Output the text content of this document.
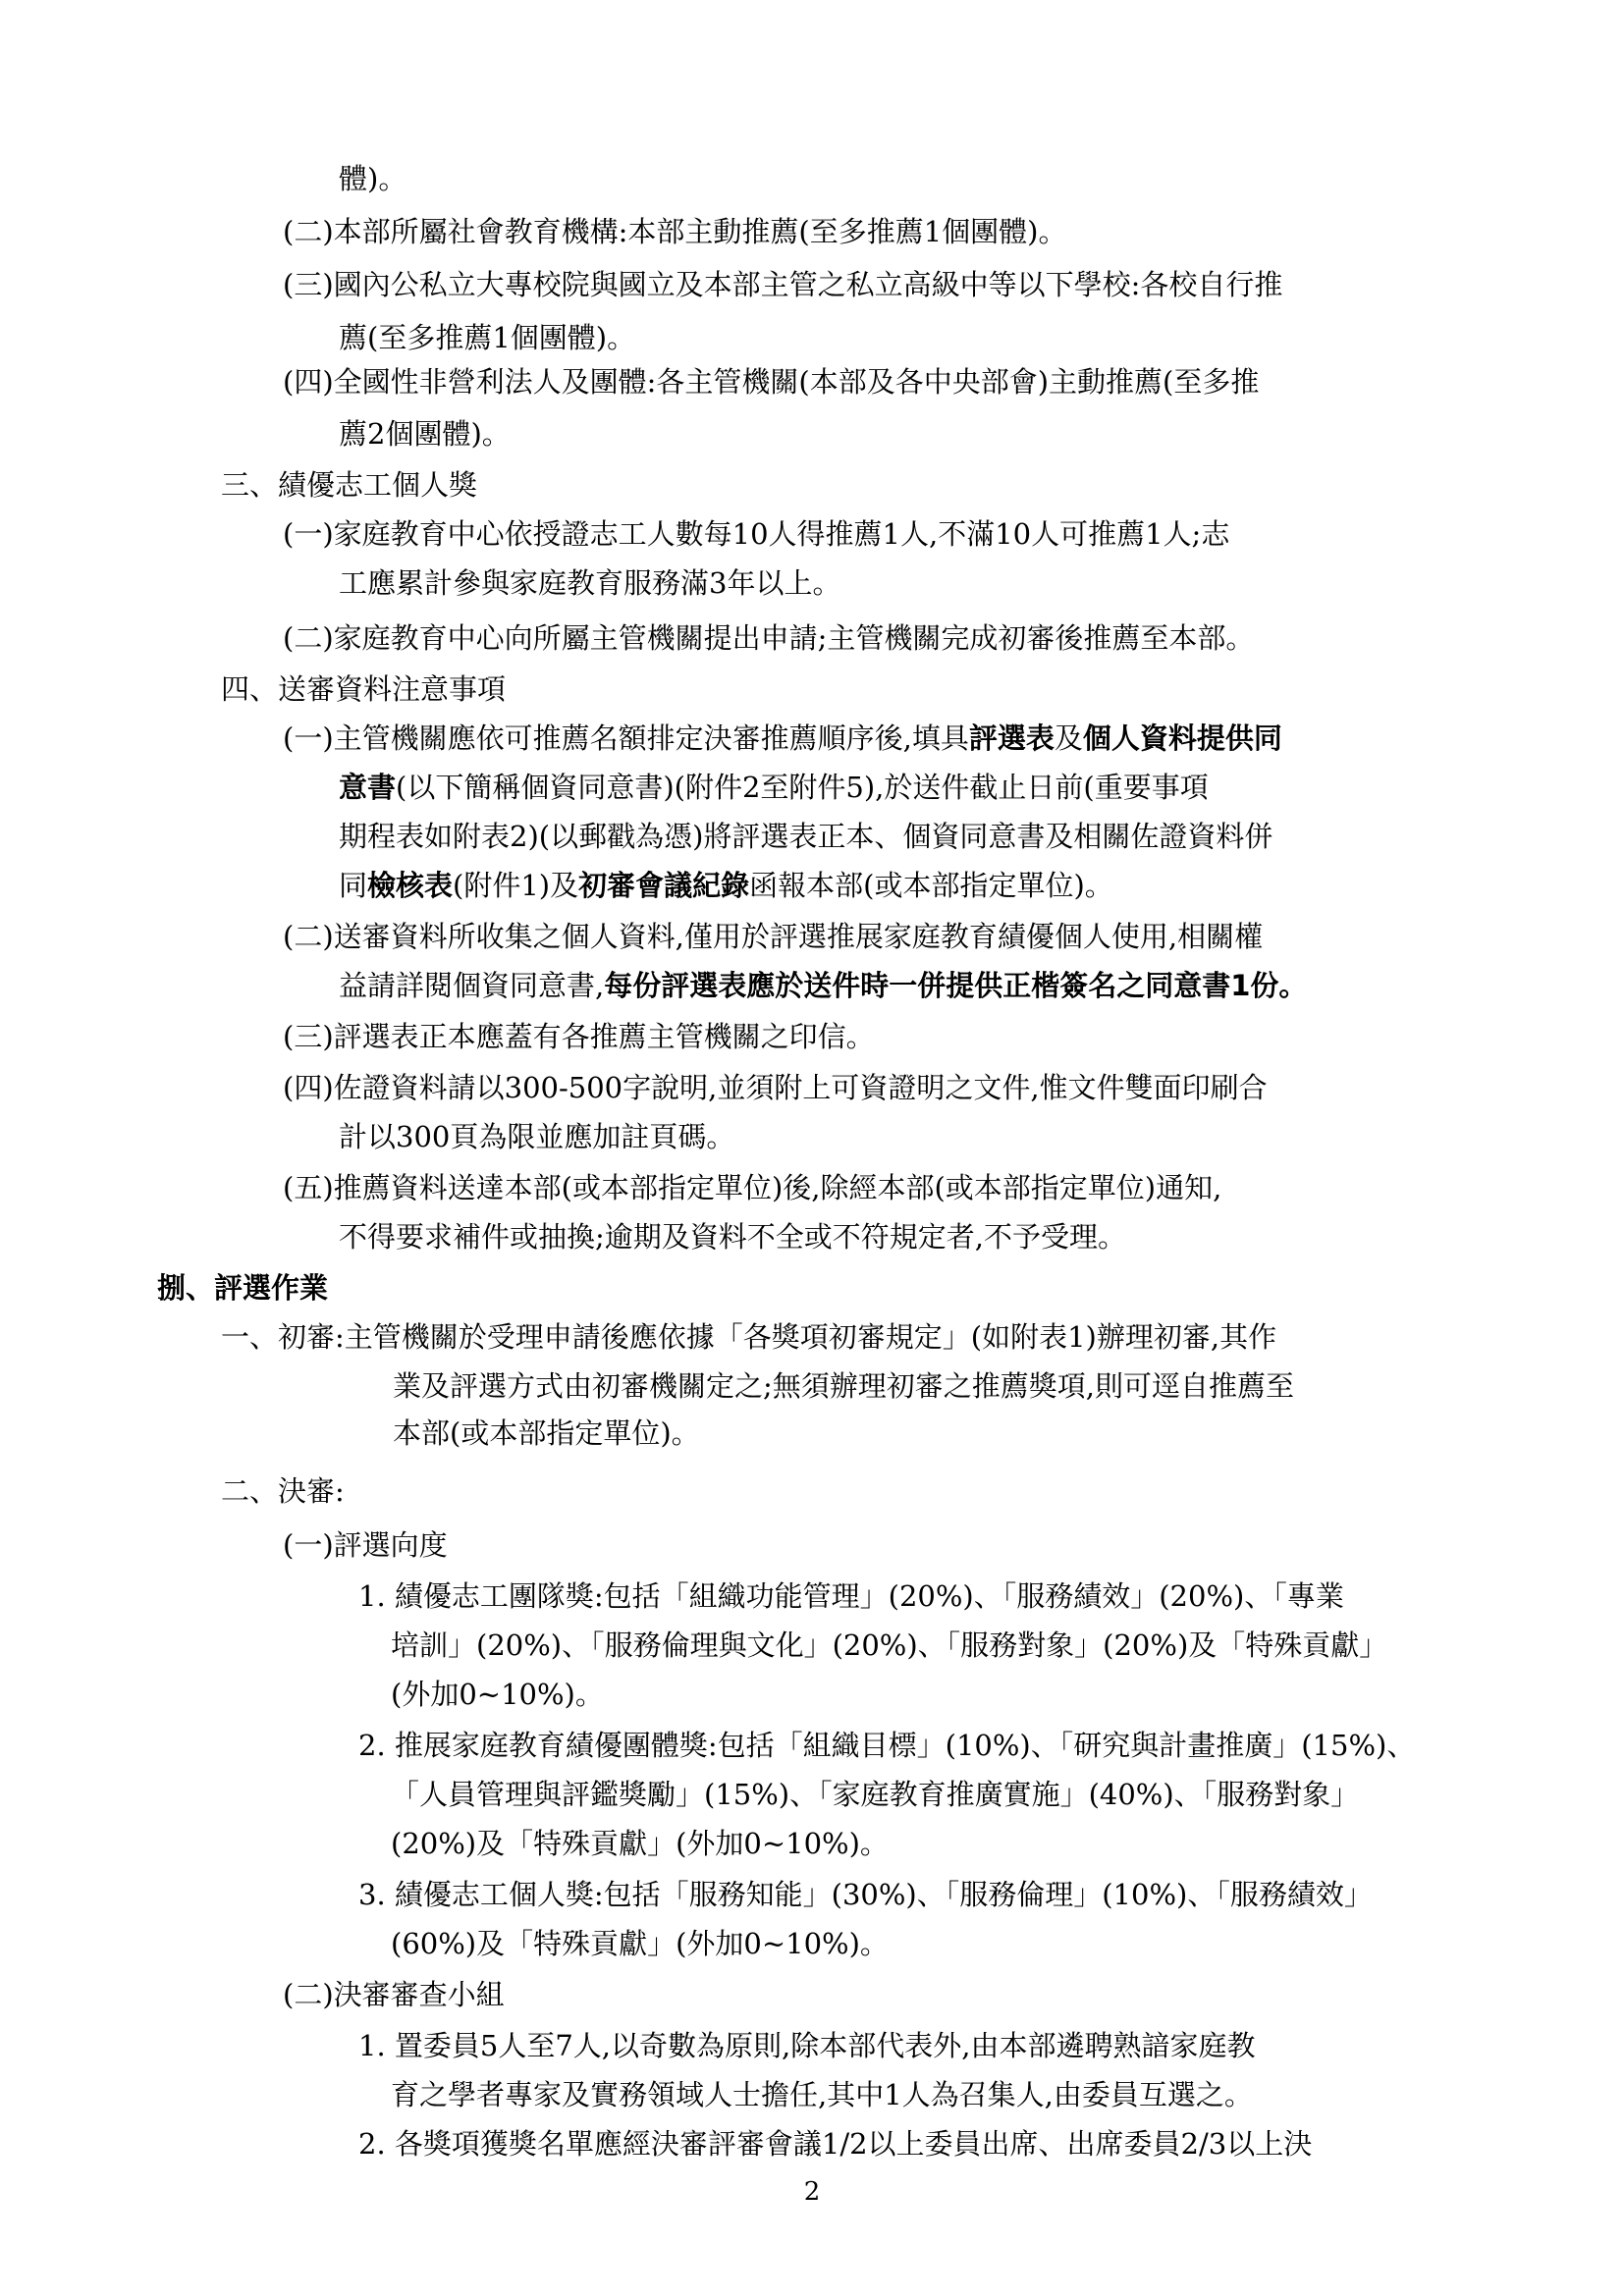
體)。
(二)本部所屬社會教育機構:本部主動推薦(至多推薦1個團體)。
(三)國內公私立大專校院與國立及本部主管之私立高級中等以下學校:各校自行推
薦(至多推薦1個團體)。
(四)全國性非營利法人及團體:各主管機關(本部及各中央部會)主動推薦(至多推
薦2個團體)。
三、績優志工個人獎
(一)家庭教育中心依授證志工人數每10人得推薦1人,不滿10人可推薦1人;志
工應累計參與家庭教育服務滿3年以上。
(二)家庭教育中心向所屬主管機關提出申請;主管機關完成初審後推薦至本部。
四、送審資料注意事項
(一)主管機關應依可推薦名額排定決審推薦順序後,填具評選表及個人資料提供同
意書(以下簡稱個資同意書)(附件2至附件5),於送件截止日前(重要事項
期程表如附表2)(以郵戳為憑)將評選表正本、個資同意書及相關佐證資料併
同檢核表(附件1)及初審會議紀錄函報本部(或本部指定單位)。
(二)送審資料所收集之個人資料,僅用於評選推展家庭教育績優個人使用,相關權
益請詳閱個資同意書,每份評選表應於送件時一併提供正楷簽名之同意書1份。
(三)評選表正本應蓋有各推薦主管機關之印信。
(四)佐證資料請以300-500字說明,並須附上可資證明之文件,惟文件雙面印刷合
計以300頁為限並應加註頁碼。
(五)推薦資料送達本部(或本部指定單位)後,除經本部(或本部指定單位)通知,
不得要求補件或抽換;逾期及資料不全或不符規定者,不予受理。
捌、評選作業
一、初審:主管機關於受理申請後應依據「各獎項初審規定」(如附表1)辦理初審,其作
業及評選方式由初審機關定之;無須辦理初審之推薦獎項,則可逕自推薦至
本部(或本部指定單位)。
二、決審:
(一)評選向度
1. 績優志工團隊獎:包括「組織功能管理」(20%)、「服務績效」(20%)、「專業
培訓」(20%)、「服務倫理與文化」(20%)、「服務對象」(20%)及「特殊貢獻」
(外加0~10%)。
2. 推展家庭教育績優團體獎:包括「組織目標」(10%)、「研究與計畫推廣」(15%)、
「人員管理與評鑑獎勵」(15%)、「家庭教育推廣實施」(40%)、「服務對象」
(20%)及「特殊貢獻」(外加0~10%)。
3. 績優志工個人獎:包括「服務知能」(30%)、「服務倫理」(10%)、「服務績效」
(60%)及「特殊貢獻」(外加0~10%)。
(二)決審審查小組
1. 置委員5人至7人,以奇數為原則,除本部代表外,由本部遴聘熟諳家庭教
育之學者專家及實務領域人士擔任,其中1人為召集人,由委員互選之。
2. 各獎項獲獎名單應經決審評審會議1/2以上委員出席、出席委員2/3以上決
2
